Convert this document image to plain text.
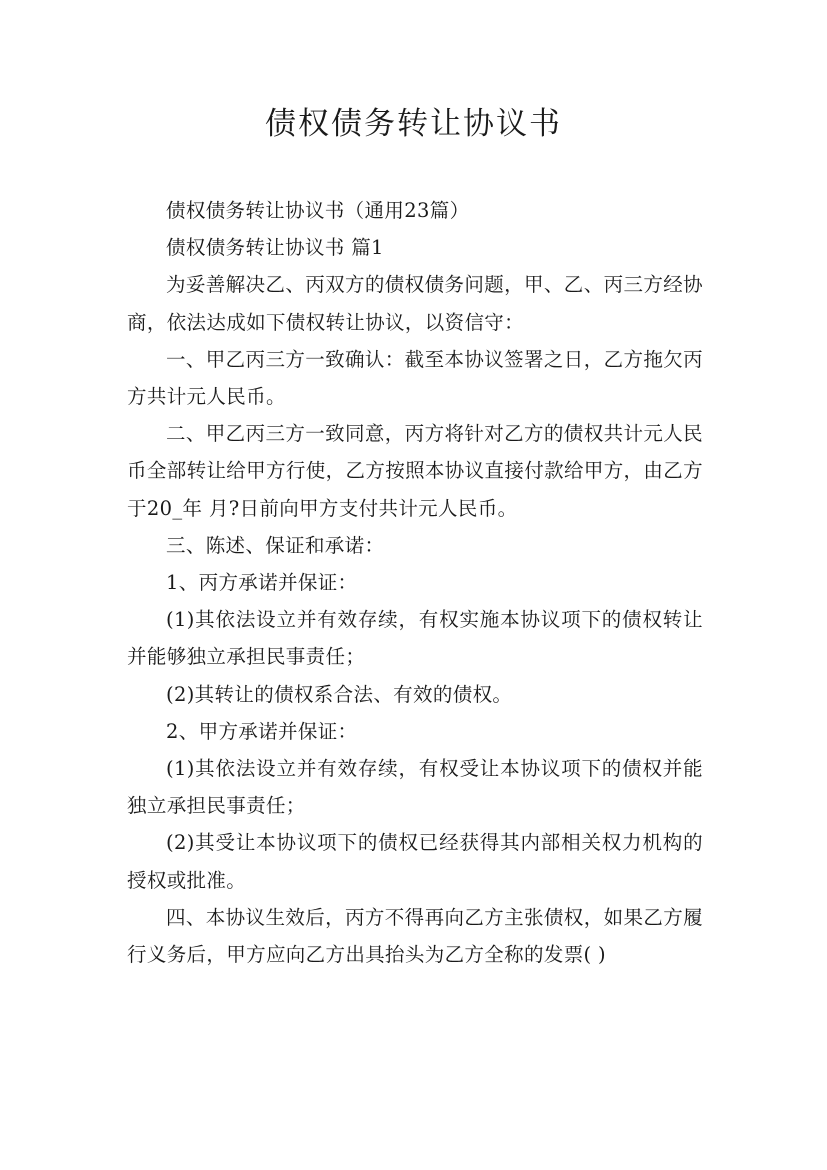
债权债务转让协议书

债权债务转让协议书（通用23篇）

债权债务转让协议书 篇1

为妥善解决乙、丙双方的债权债务问题，甲、乙、丙三方经协商，依法达成如下债权转让协议，以资信守：

一、甲乙丙三方一致确认：截至本协议签署之日，乙方拖欠丙方共计元人民币。

二、甲乙丙三方一致同意，丙方将针对乙方的债权共计元人民币全部转让给甲方行使，乙方按照本协议直接付款给甲方，由乙方于20_年 月?日前向甲方支付共计元人民币。

三、陈述、保证和承诺：

1、丙方承诺并保证：

(1)其依法设立并有效存续，有权实施本协议项下的债权转让并能够独立承担民事责任；

(2)其转让的债权系合法、有效的债权。

2、甲方承诺并保证：

(1)其依法设立并有效存续，有权受让本协议项下的债权并能独立承担民事责任；

(2)其受让本协议项下的债权已经获得其内部相关权力机构的授权或批准。

四、本协议生效后，丙方不得再向乙方主张债权，如果乙方履行义务后，甲方应向乙方出具抬头为乙方全称的发票( )
